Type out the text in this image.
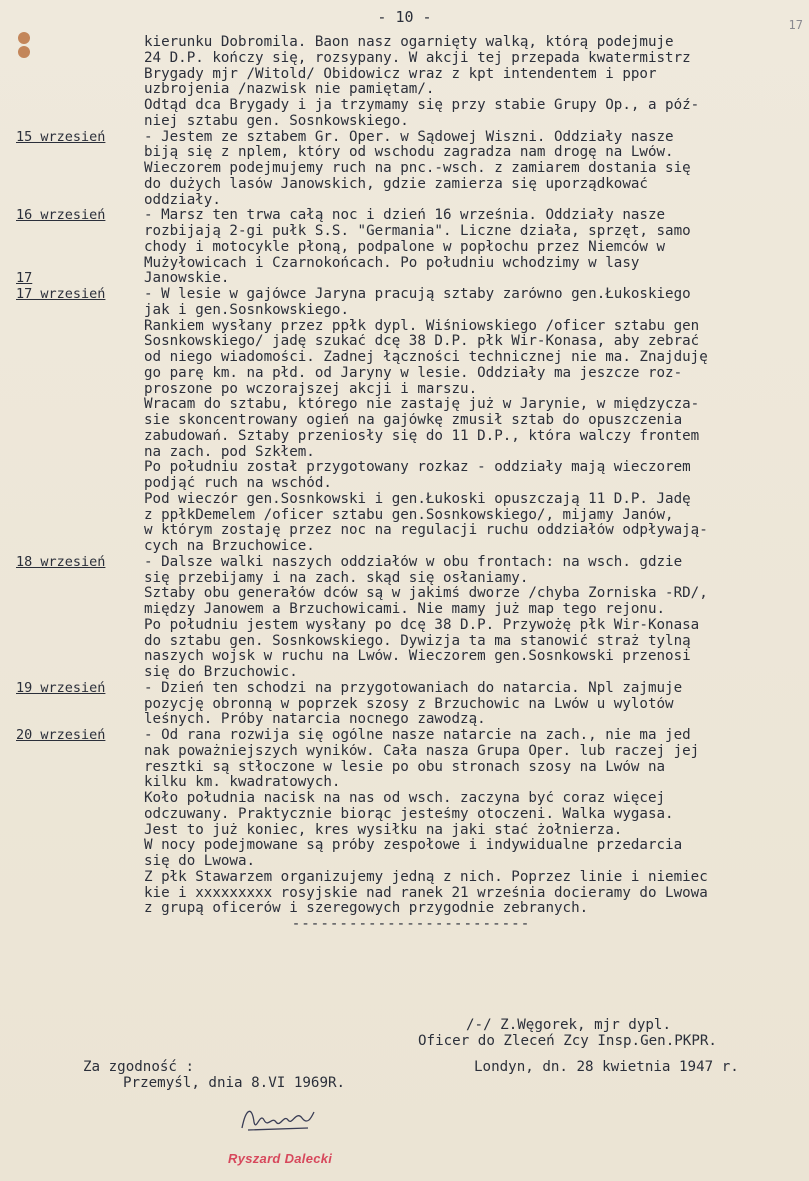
- 10 -	17
kierunku Dobromila. Baon nasz ogarnięty walką, którą podejmuje
24 D.P. kończy się, rozsypany. W akcji tej przepada kwatermistrz
Brygady mjr /Witold/ Obidowicz wraz z kpt intendentem i ppor
uzbrojenia /nazwisk nie pamiętam/.
Odtąd dca Brygady i ja trzymamy się przy stabie Grupy Op., a póź-
niej sztabu gen. Sosnkowskiego.
15 wrzesień	- Jestem ze sztabem Gr. Oper. w Sądowej Wiszni. Oddziały nasze
biją się z nplem, który od wschodu zagradza nam drogę na Lwów.
Wieczorem podejmujemy ruch na pnc.-wsch. z zamiarem dostania się
do dużych lasów Janowskich, gdzie zamierza się uporządkować
oddziały.
16 wrzesień	- Marsz ten trwa całą noc i dzień 16 września. Oddziały nasze
rozbijają 2-gi pułk S.S. "Germania". Liczne działa, sprzęt, samo
chody i motocykle płoną, podpalone w popłochu przez Niemców w
Mużyłowicach i Czarnokońcach. Po południu wchodzimy w lasy
17	Janowskie.
17 wrzesień	- W lesie w gajówce Jaryna pracują sztaby zarówno gen.Łukoskiego
jak i gen.Sosnkowskiego.
Rankiem wysłany przez ppłk dypl. Wiśniowskiego /oficer sztabu gen
Sosnkowskiego/ jadę szukać dcę 38 D.P. płk Wir-Konasa, aby zebrać
od niego wiadomości. Żadnej łączności technicznej nie ma. Znajduję
go parę km. na płd. od Jaryny w lesie. Oddziały ma jeszcze roz-
proszone po wczorajszej akcji i marszu.
Wracam do sztabu, którego nie zastaję już w Jarynie, w międzycza-
sie skoncentrowany ogień na gajówkę zmusił sztab do opuszczenia
zabudowań. Sztaby przeniosły się do 11 D.P., która walczy frontem
na zach. pod Szkłem.
Po południu został przygotowany rozkaz - oddziały mają wieczorem
podjąć ruch na wschód.
Pod wieczór gen.Sosnkowski i gen.Łukoski opuszczają 11 D.P. Jadę
z ppłkDemelem /oficer sztabu gen.Sosnkowskiego/, mijamy Janów,
w którym zostaję przez noc na regulacji ruchu oddziałów odpływają-
cych na Brzuchowice.
18 wrzesień	- Dalsze walki naszych oddziałów w obu frontach: na wsch. gdzie
się przebijamy i na zach. skąd się osłaniamy.
Sztaby obu generałów dców są w jakimś dworze /chyba Żorniska -RD/,
między Janowem a Brzuchowicami. Nie mamy już map tego rejonu.
Po południu jestem wysłany po dcę 38 D.P. Przywożę płk Wir-Konasa
do sztabu gen. Sosnkowskiego. Dywizja ta ma stanowić straż tylną
naszych wojsk w ruchu na Lwów. Wieczorem gen.Sosnkowski przenosi
się do Brzuchowic.
19 wrzesień	- Dzień ten schodzi na przygotowaniach do natarcia. Npl zajmuje
pozycję obronną w poprzek szosy z Brzuchowic na Lwów u wylotów
leśnych. Próby natarcia nocnego zawodzą.
20 wrzesień	- Od rana rozwija się ogólne nasze natarcie na zach., nie ma jed
nak poważniejszych wyników. Cała nasza Grupa Oper. lub raczej jej
resztki są stłoczone w lesie po obu stronach szosy na Lwów na
kilku km. kwadratowych.
Koło południa nacisk na nas od wsch. zaczyna być coraz więcej
odczuwany. Praktycznie biorąc jesteśmy otoczeni. Walka wygasa.
Jest to już koniec, kres wysiłku na jaki stać żołnierza.
W nocy podejmowane są próby zespołowe i indywidualne przedarcia
się do Lwowa.
Z płk Stawarzem organizujemy jedną z nich. Poprzez linie i niemiec
kie i xxxxxxxxx rosyjskie nad ranek 21 września docieramy do Lwowa
z grupą oficerów i szeregowych przygodnie zebranych.
-------------------------
/-/ Z.Węgorek, mjr dypl.
Oficer do Zleceń Zcy Insp.Gen.PKPR.
Za zgodność :
Przemyśl, dnia 8.VI 1969R.
Londyn, dn. 28 kwietnia 1947 r.
Ryszard Dalecki
